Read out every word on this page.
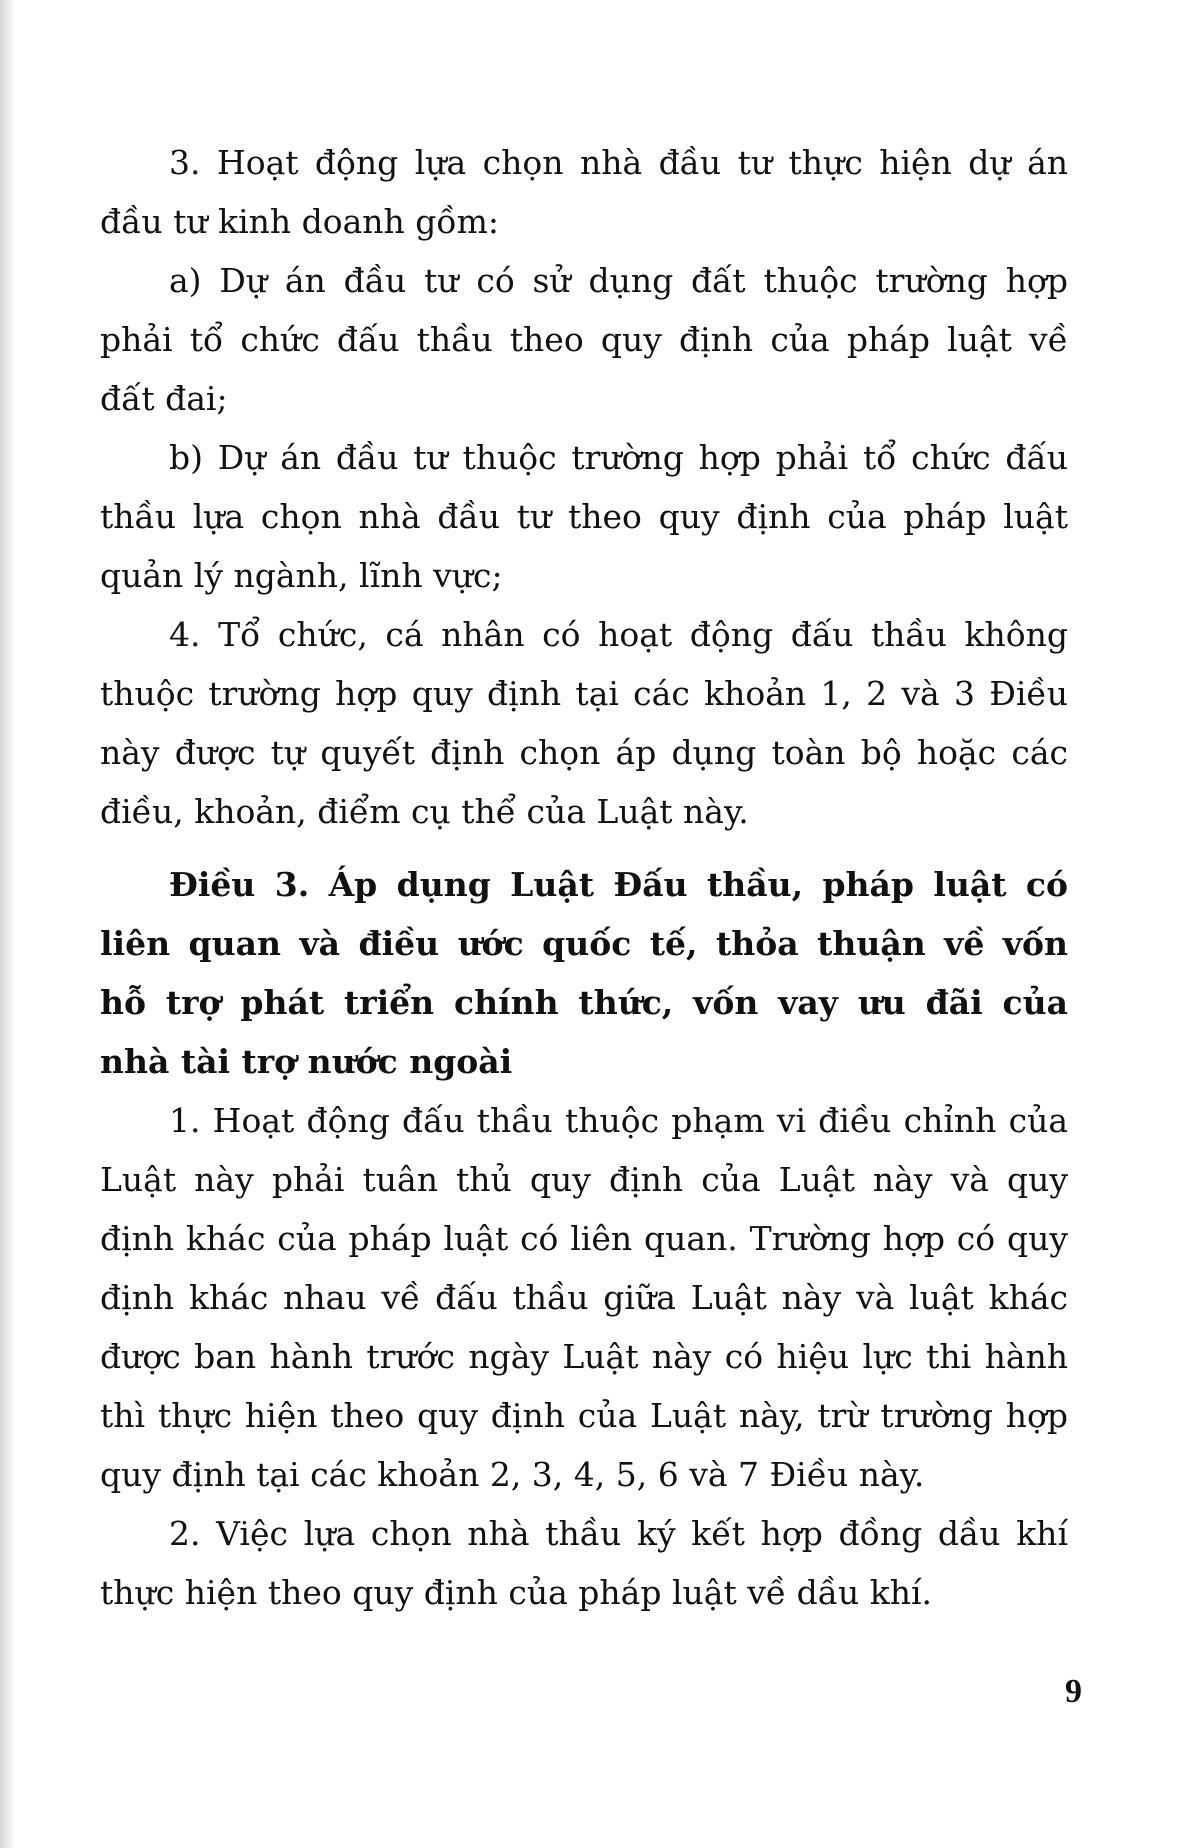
3. Hoạt động lựa chọn nhà đầu tư thực hiện dự án
đầu tư kinh doanh gồm:
a) Dự án đầu tư có sử dụng đất thuộc trường hợp
phải tổ chức đấu thầu theo quy định của pháp luật về
đất đai;
b) Dự án đầu tư thuộc trường hợp phải tổ chức đấu
thầu lựa chọn nhà đầu tư theo quy định của pháp luật
quản lý ngành, lĩnh vực;
4. Tổ chức, cá nhân có hoạt động đấu thầu không
thuộc trường hợp quy định tại các khoản 1, 2 và 3 Điều
này được tự quyết định chọn áp dụng toàn bộ hoặc các
điều, khoản, điểm cụ thể của Luật này.
Điều 3. Áp dụng Luật Đấu thầu, pháp luật có
liên quan và điều ước quốc tế, thỏa thuận về vốn
hỗ trợ phát triển chính thức, vốn vay ưu đãi của
nhà tài trợ nước ngoài
1. Hoạt động đấu thầu thuộc phạm vi điều chỉnh của
Luật này phải tuân thủ quy định của Luật này và quy
định khác của pháp luật có liên quan. Trường hợp có quy
định khác nhau về đấu thầu giữa Luật này và luật khác
được ban hành trước ngày Luật này có hiệu lực thi hành
thì thực hiện theo quy định của Luật này, trừ trường hợp
quy định tại các khoản 2, 3, 4, 5, 6 và 7 Điều này.
2. Việc lựa chọn nhà thầu ký kết hợp đồng dầu khí
thực hiện theo quy định của pháp luật về dầu khí.
9
